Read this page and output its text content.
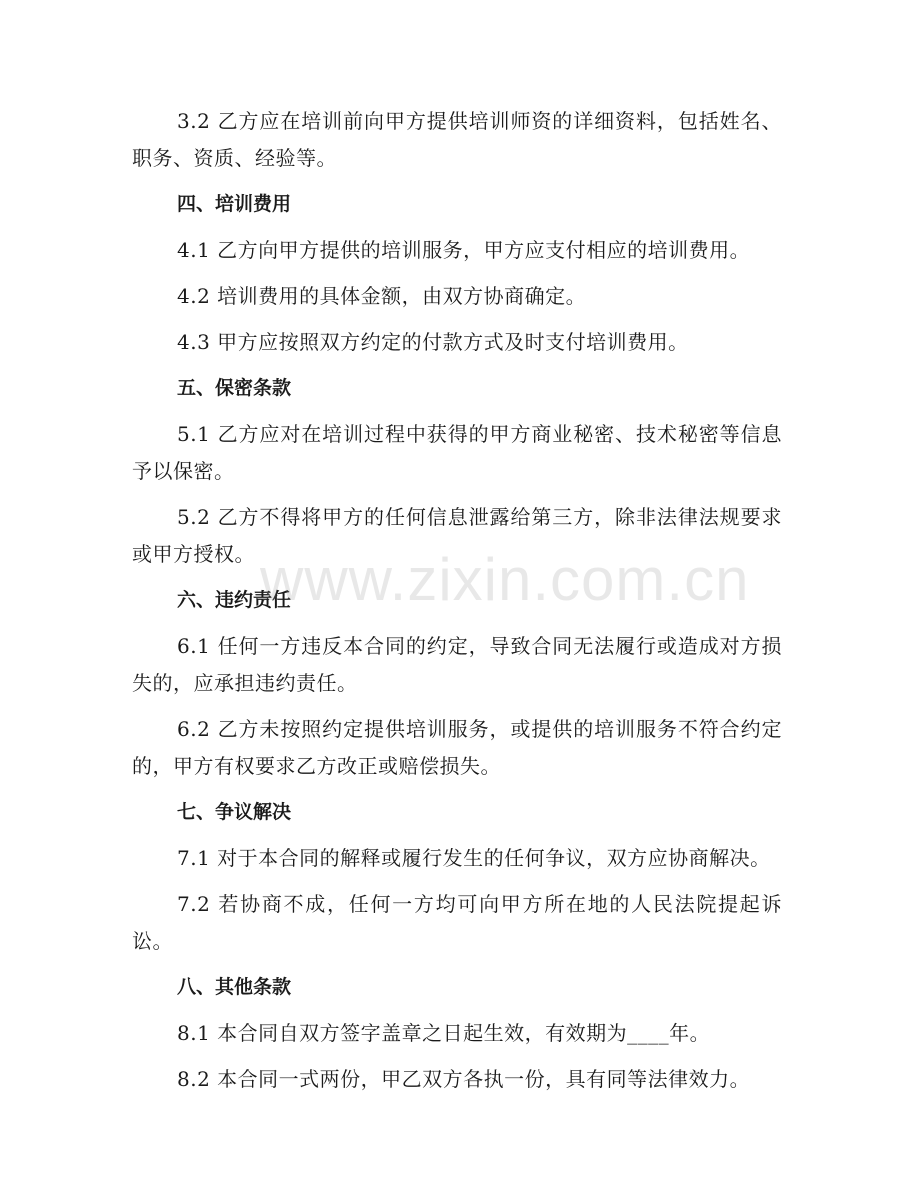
3.2 乙方应在培训前向甲方提供培训师资的详细资料，包括姓名、职务、资质、经验等。

四、培训费用

4.1 乙方向甲方提供的培训服务，甲方应支付相应的培训费用。

4.2 培训费用的具体金额，由双方协商确定。

4.3 甲方应按照双方约定的付款方式及时支付培训费用。

五、保密条款

5.1 乙方应对在培训过程中获得的甲方商业秘密、技术秘密等信息予以保密。

5.2 乙方不得将甲方的任何信息泄露给第三方，除非法律法规要求或甲方授权。

六、违约责任

6.1 任何一方违反本合同的约定，导致合同无法履行或造成对方损失的，应承担违约责任。

6.2 乙方未按照约定提供培训服务，或提供的培训服务不符合约定的，甲方有权要求乙方改正或赔偿损失。

七、争议解决

7.1 对于本合同的解释或履行发生的任何争议，双方应协商解决。

7.2 若协商不成，任何一方均可向甲方所在地的人民法院提起诉讼。

八、其他条款

8.1 本合同自双方签字盖章之日起生效，有效期为____年。

8.2 本合同一式两份，甲乙双方各执一份，具有同等法律效力。

www.zixin.com.cn
